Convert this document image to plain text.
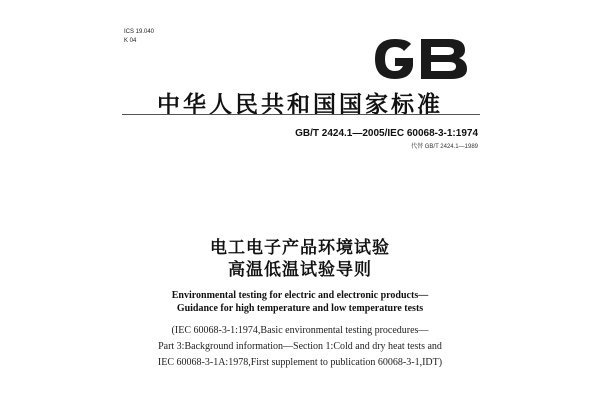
ICS 19.040
K 04
中华人民共和国国家标准
GB/T 2424.1—2005/IEC 60068-3-1:1974
代替 GB/T 2424.1—1989
电工电子产品环境试验
高温低温试验导则
Environmental testing for electric and electronic products—
Guidance for high temperature and low temperature tests
(IEC 60068-3-1:1974,Basic environmental testing procedures—
Part 3:Background information—Section 1:Cold and dry heat tests and
IEC 60068-3-1A:1978,First supplement to publication 60068-3-1,IDT)
